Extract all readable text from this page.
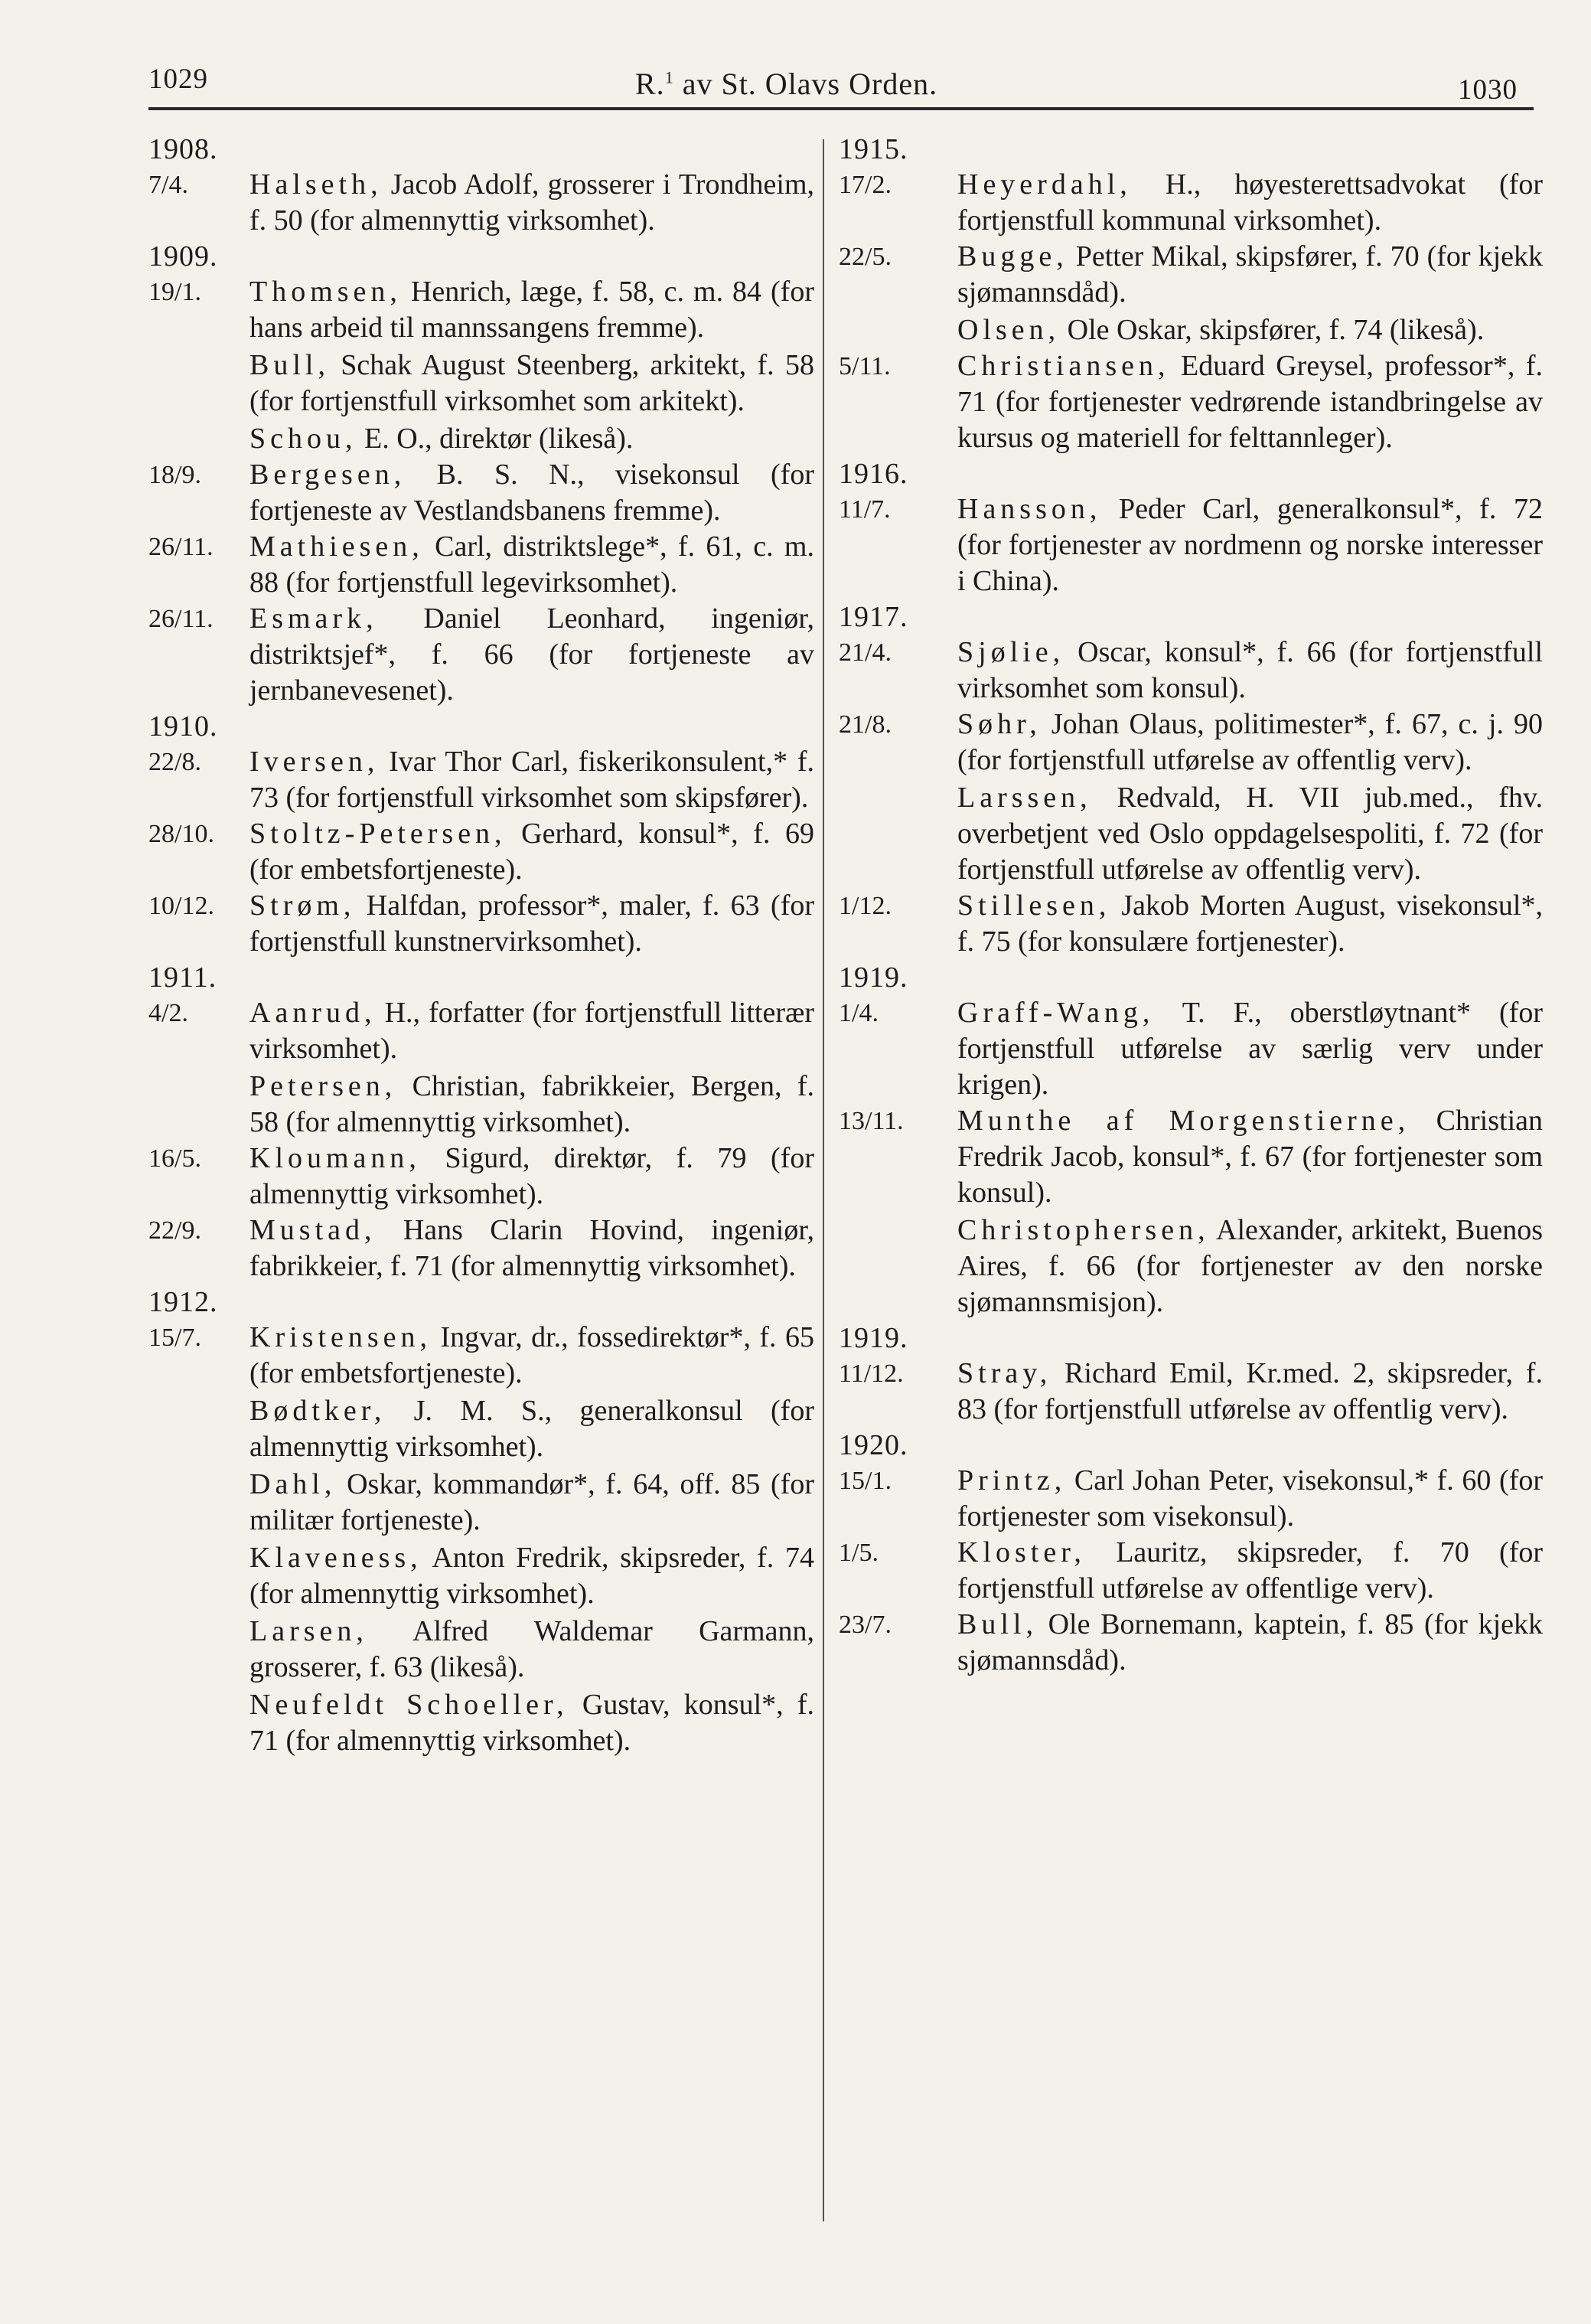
1029	R.$^1$ av St. Olavs Orden.	1030
1908.
7/4. Halseth, Jacob Adolf, grosserer i Trondheim, f. 50 (for almennyttig virksomhet).
1909.
19/1. Thomsen, Henrich, læge, f. 58, c. m. 84 (for hans arbeid til mannssangens fremme).
Bull, Schak August Steenberg, arkitekt, f. 58 (for fortjenstfull virksomhet som arkitekt).
Schou, E. O., direktør (likeså).
18/9. Bergesen, B. S. N., visekonsul (for fortjeneste av Vestlandsbanens fremme).
26/11. Mathiesen, Carl, distriktslege*, f. 61, c. m. 88 (for fortjenstfull legevirksomhet).
26/11. Esmark, Daniel Leonhard, ingeniør, distriktsjef*, f. 66 (for fortjeneste av jernbanevesenet).
1910.
22/8. Iversen, Ivar Thor Carl, fiskerikonsulent,* f. 73 (for fortjenstfull virksomhet som skipsfører).
28/10. Stoltz-Petersen, Gerhard, konsul*, f. 69 (for embetsfortjeneste).
10/12. Strøm, Halfdan, professor*, maler, f. 63 (for fortjenstfull kunstnervirksomhet).
1911.
4/2. Aanrud, H., forfatter (for fortjenstfull litterær virksomhet).
Petersen, Christian, fabrikkeier, Bergen, f. 58 (for almennyttig virksomhet).
16/5. Kloumann, Sigurd, direktør, f. 79 (for almennyttig virksomhet).
22/9. Mustad, Hans Clarin Hovind, ingeniør, fabrikkeier, f. 71 (for almennyttig virksomhet).
1912.
15/7. Kristensen, Ingvar, dr., fossedirektør*, f. 65 (for embetsfortjeneste).
Bødtker, J. M. S., generalkonsul (for almennyttig virksomhet).
Dahl, Oskar, kommandør*, f. 64, off. 85 (for militær fortjeneste).
Klaveness, Anton Fredrik, skipsreder, f. 74 (for almennyttig virksomhet).
Larsen, Alfred Waldemar Garmann, grosserer, f. 63 (likeså).
Neufeldt Schoeller, Gustav, konsul*, f. 71 (for almennyttig virksomhet).
1915.
17/2. Heyerdahl, H., høyesterettsadvokat (for fortjenstfull kommunal virksomhet).
22/5. Bugge, Petter Mikal, skipsfører, f. 70 (for kjekk sjømannsdåd).
Olsen, Ole Oskar, skipsfører, f. 74 (likeså).
5/11. Christiansen, Eduard Greysel, professor*, f. 71 (for fortjenester vedrørende istandbringelse av kursus og materiell for felttannleger).
1916.
11/7. Hansson, Peder Carl, generalkonsul*, f. 72 (for fortjenester av nordmenn og norske interesser i China).
1917.
21/4. Sjølie, Oscar, konsul*, f. 66 (for fortjenstfull virksomhet som konsul).
21/8. Søhr, Johan Olaus, politimester*, f. 67, c. j. 90 (for fortjenstfull utførelse av offentlig verv).
Larssen, Redvald, H. VII jub.med., fhv. overbetjent ved Oslo oppdagelsespoliti, f. 72 (for fortjenstfull utførelse av offentlig verv).
1/12. Stillesen, Jakob Morten August, visekonsul*, f. 75 (for konsulære fortjenester).
1919.
1/4.	Graff-Wang, T. F., oberstløytnant* (for fortjenstfull utførelse av særlig verv under krigen).
13/11. Munthe af Morgenstierne, Christian Fredrik Jacob, konsul*, f. 67 (for fortjenester som konsul).
Christophersen, Alexander, arkitekt, Buenos Aires, f. 66 (for fortjenester av den norske sjømannsmisjon).
1919.
11/12. Stray, Richard Emil, Kr.med. 2, skipsreder, f. 83 (for fortjenstfull utførelse av offentlig verv).
1920.
15/1. Printz, Carl Johan Peter, visekonsul,* f. 60 (for fortjenester som visekonsul).
1/5.	Kloster, Lauritz, skipsreder, f. 70 (for fortjenstfull utførelse av offentlige verv).
23/7. Bull, Ole Bornemann, kaptein, f. 85 (for kjekk sjømannsdåd).
